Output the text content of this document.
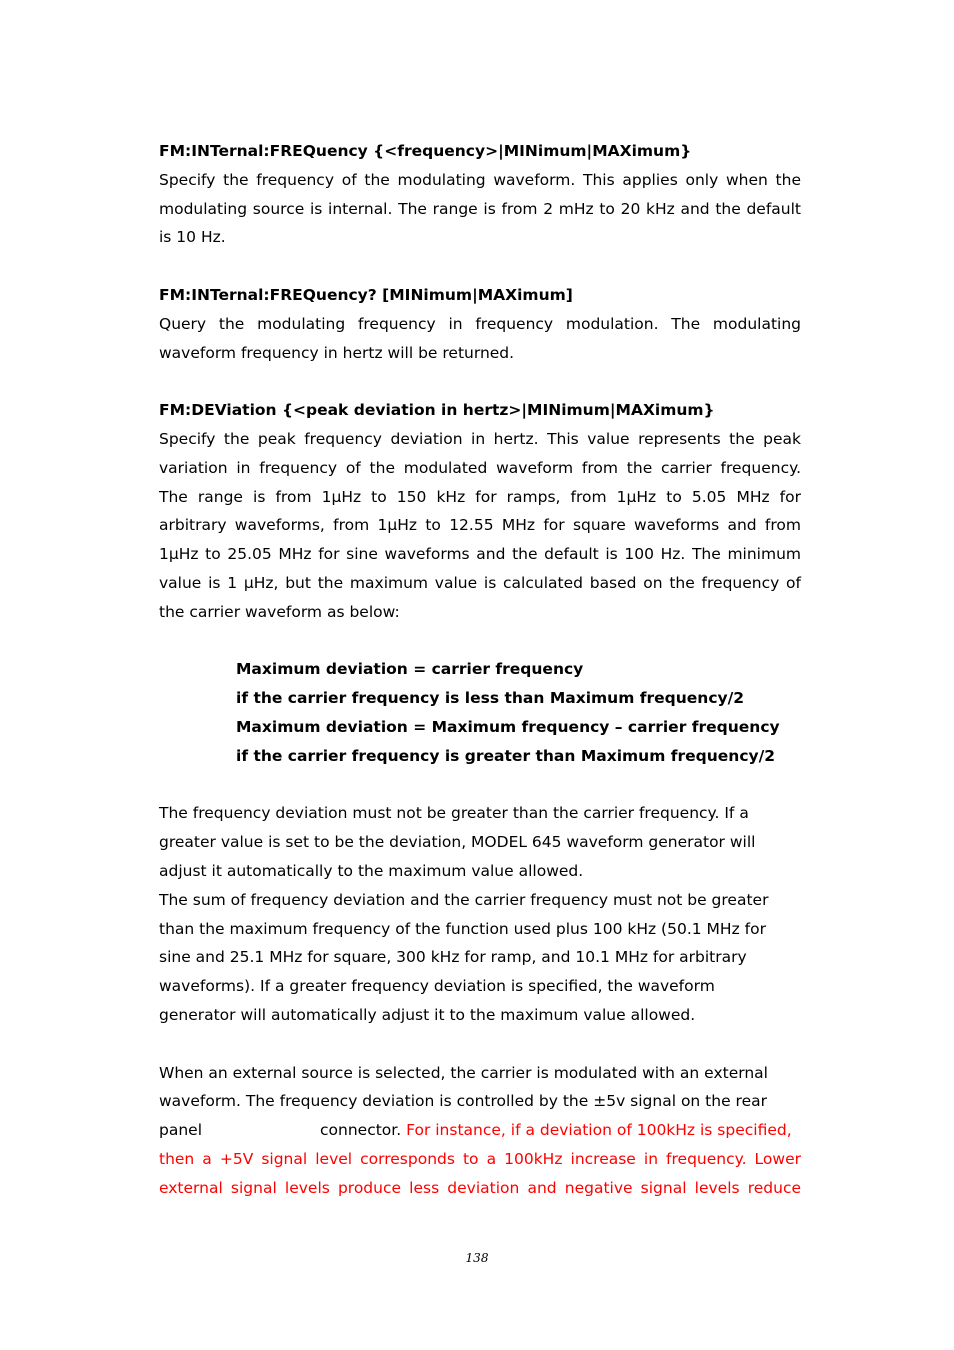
FM:INTernal:FREQuency {<frequency>|MINimum|MAXimum}
Specify the frequency of the modulating waveform. This applies only when the
modulating source is internal. The range is from 2 mHz to 20 kHz and the default
is 10 Hz.
FM:INTernal:FREQuency? [MINimum|MAXimum]
Query the modulating frequency in frequency modulation. The modulating
waveform frequency in hertz will be returned.
FM:DEViation {<peak deviation in hertz>|MINimum|MAXimum}
Specify the peak frequency deviation in hertz. This value represents the peak
variation in frequency of the modulated waveform from the carrier frequency.
The range is from 1μHz to 150 kHz for ramps, from 1μHz to 5.05 MHz for
arbitrary waveforms, from 1μHz to 12.55 MHz for square waveforms and from
1μHz to 25.05 MHz for sine waveforms and the default is 100 Hz. The minimum
value is 1 μHz, but the maximum value is calculated based on the frequency of
the carrier waveform as below:
Maximum deviation = carrier frequency
if the carrier frequency is less than Maximum frequency/2
Maximum deviation = Maximum frequency – carrier frequency
if the carrier frequency is greater than Maximum frequency/2
The frequency deviation must not be greater than the carrier frequency. If a
greater value is set to be the deviation, MODEL 645 waveform generator will
adjust it automatically to the maximum value allowed.
The sum of frequency deviation and the carrier frequency must not be greater
than the maximum frequency of the function used plus 100 kHz (50.1 MHz for
sine and 25.1 MHz for square, 300 kHz for ramp, and 10.1 MHz for arbitrary
waveforms). If a greater frequency deviation is specified, the waveform
generator will automatically adjust it to the maximum value allowed.
When an external source is selected, the carrier is modulated with an external
waveform. The frequency deviation is controlled by the ±5v signal on the rear
panel	connector. For instance, if a deviation of 100kHz is specified,
then a +5V signal level corresponds to a 100kHz increase in frequency. Lower
external signal levels produce less deviation and negative signal levels reduce
138
